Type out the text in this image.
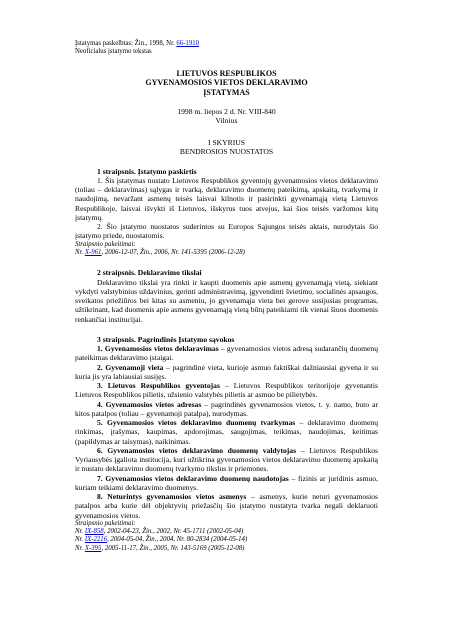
Įstatymas paskelbtas: Žin., 1998, Nr. 66-1910
Neoficialus įstatymo tekstas
LIETUVOS RESPUBLIKOS
GYVENAMOSIOS VIETOS DEKLARAVIMO
ĮSTATYMAS
1998 m. liepos 2 d. Nr. VIII-840
Vilnius
I SKYRIUS
BENDROSIOS NUOSTATOS
1 straipsnis. Įstatymo paskirtis

1. Šis įstatymas nustato Lietuvos Respublikos gyventojų gyvenamosios vietos deklaravimo (toliau – deklaravimas) sąlygas ir tvarką, deklaravimo duomenų pateikimą, apskaitą, tvarkymą ir naudojimą, nevaržant asmenų teisės laisvai kilnotis ir pasirinkti gyvenamąją vietą Lietuvos Respublikoje, laisvai išvykti iš Lietuvos, išskyrus tuos atvejus, kai šios teisės varžomos kitų įstatymų.

2. Šio įstatymo nuostatos suderintos su Europos Sąjungos teisės aktais, nurodytais šio įstatymo priede, nuostatomis.

Straipsnio pakeitimai:
Nr. X-961, 2006-12-07, Žin., 2006, Nr. 141-5395 (2006-12-28)
2 straipsnis. Deklaravimo tikslai

Deklaravimo tikslai yra rinkti ir kaupti duomenis apie asmenų gyvenamąją vietą, siekiant vykdyti valstybinius uždavinius, gerinti administravimą, įgyvendinti švietimo, socialinės apsaugos, sveikatos priežiūros bei kitas su asmeniu, jo gyvenamąja vieta bei gerove susijusias programas, užtikrinant, kad duomenis apie asmens gyvenamąją vietą būtų pateikiami tik vienai šiuos duomenis renkančiai institucijai.

3 straipsnis. Pagrindinės Įstatymo sąvokos

1. Gyvenamosios vietos deklaravimas – gyvenamosios vietos adresą sudarančių duomenų pateikimas deklaravimo įstaigai.

2. Gyvenamoji vieta – pagrindinė vieta, kurioje asmuo faktiškai dažniausiai gyvena ir su kuria jis yra labiausiai susijęs.

3. Lietuvos Respublikos gyventojas – Lietuvos Respublikos teritorijoje gyvenantis Lietuvos Respublikos pilietis, užsienio valstybės pilietis ar asmuo be pilietybės.

4. Gyvenamosios vietos adresas – pagrindinės gyvenamosios vietos, t. y. namo, buto ar kitos patalpos (toliau – gyvenamoji patalpa), nurodymas.

5. Gyvenamosios vietos deklaravimo duomenų tvarkymas – deklaravimo duomenų rinkimas, įrašymas, kaupimas, apdorojimas, saugojimas, teikimas, naudojimas, keitimas (papildymas ar taisymas), naikinimas.

6. Gyvenamosios vietos deklaravimo duomenų valdytojas – Lietuvos Respublikos Vyriausybės įgaliota institucija, kuri užtikrina gyvenamosios vietos deklaravimo duomenų apskaitą ir nustato deklaravimo duomenų tvarkymo tikslus ir priemones.

7. Gyvenamosios vietos deklaravimo duomenų naudotojas – fizinis ar juridinis asmuo, kuriam teikiami deklaravimo duomenys.

8. Neturintys gyvenamosios vietos asmenys – asmenys, kurie neturi gyvenamosios patalpos arba kurie dėl objektyvių priežasčių šio įstatymo nustatyta tvarka negali deklaruoti gyvenamosios vietos.

Straipsnio pakeitimai:
Nr. IX-858, 2002-04-23, Žin., 2002, Nr. 45-1711 (2002-05-04)
Nr. IX-2216, 2004-05-04, Žin., 2004, Nr. 80-2834 (2004-05-14)
Nr. X-395, 2005-11-17, Žin., 2005, Nr. 143-5169 (2005-12-08)
